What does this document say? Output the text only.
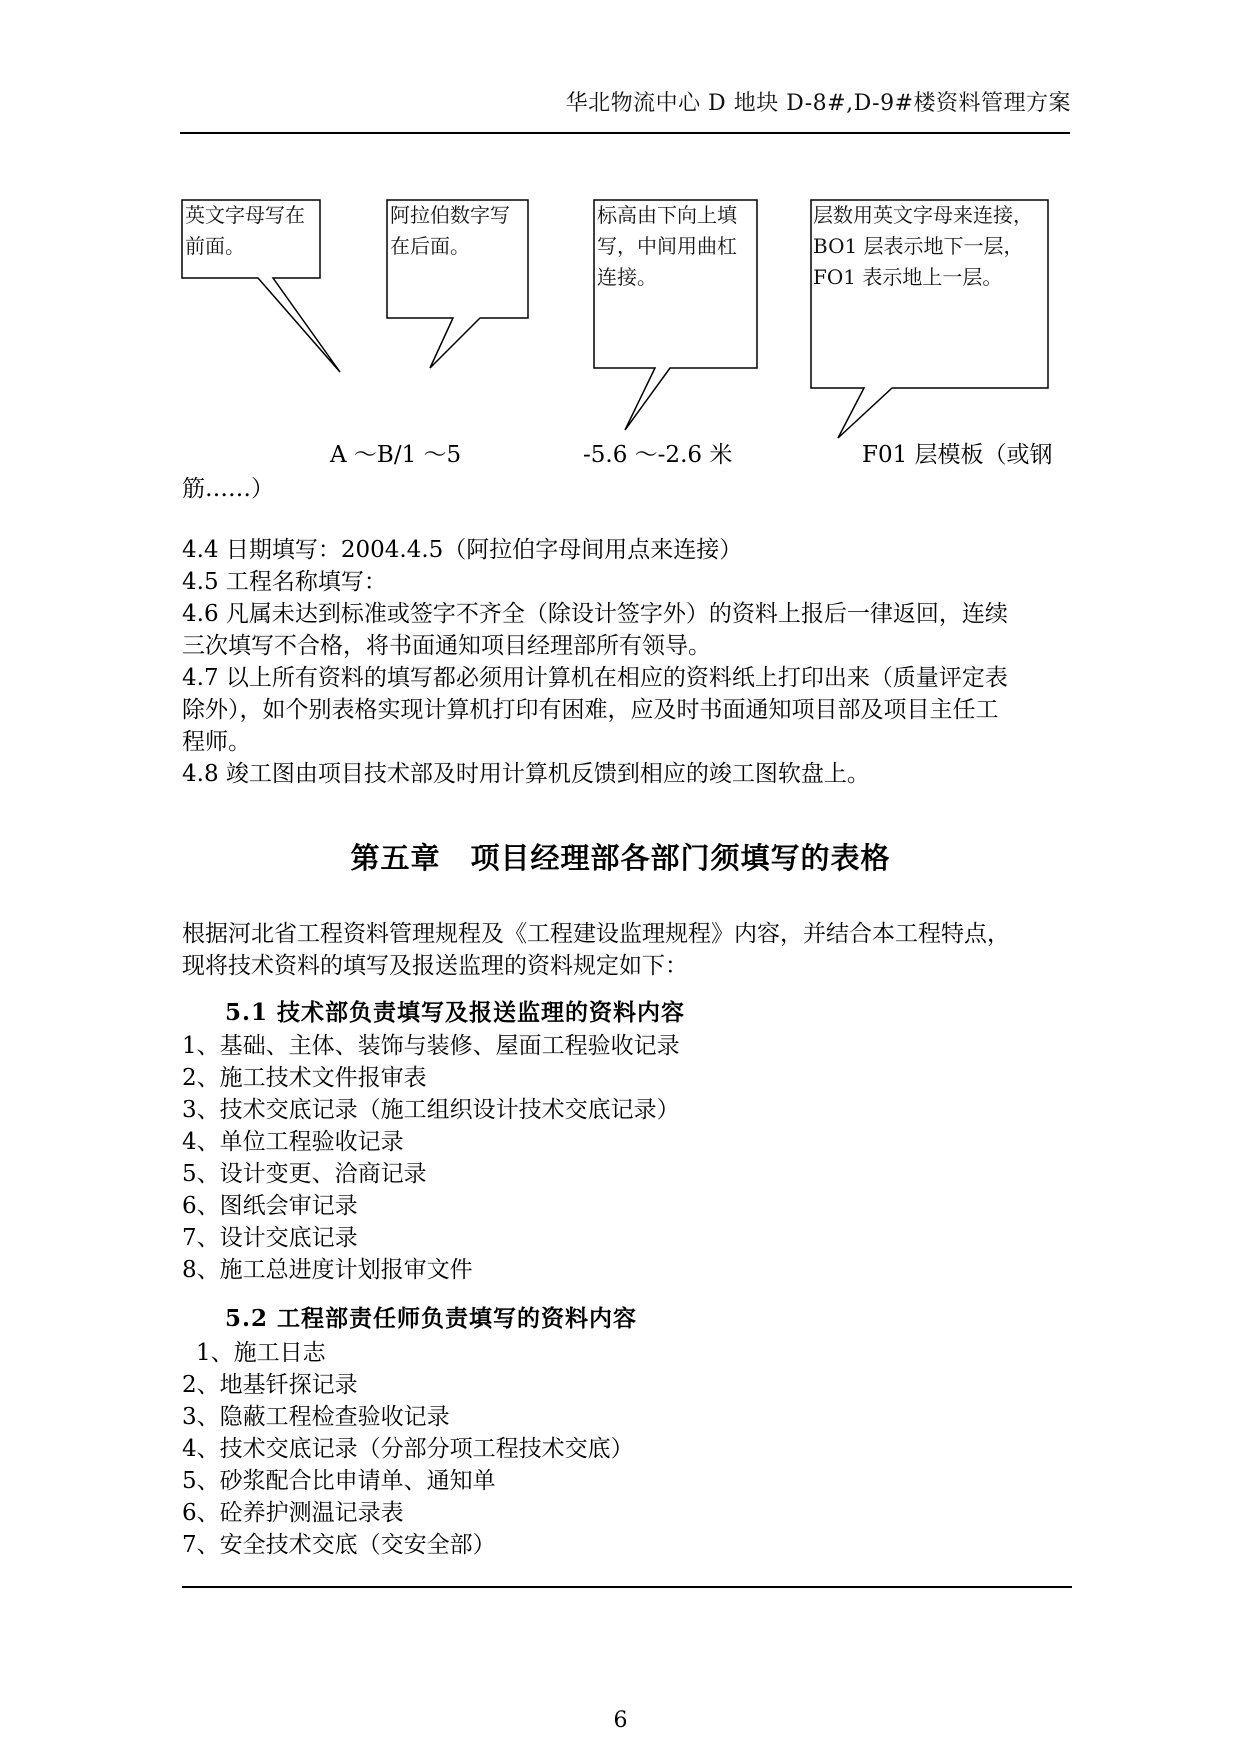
华北物流中心 D 地块 D-8#,D-9#楼资料管理方案
英文字母写在
前面。
阿拉伯数字写
在后面。
标高由下向上填
写，中间用曲杠
连接。
层数用英文字母来连接，
BO1 层表示地下一层，
FO1 表示地上一层。
A ～B/1 ～5	-5.6 ～-2.6 米	F01 层模板（或钢
筋……）
4.4 日期填写：2004.4.5（阿拉伯字母间用点来连接）
4.5 工程名称填写：
4.6 凡属未达到标准或签字不齐全（除设计签字外）的资料上报后一律返回，连续
三次填写不合格，将书面通知项目经理部所有领导。
4.7 以上所有资料的填写都必须用计算机在相应的资料纸上打印出来（质量评定表
除外），如个别表格实现计算机打印有困难，应及时书面通知项目部及项目主任工
程师。
4.8 竣工图由项目技术部及时用计算机反馈到相应的竣工图软盘上。
第五章　项目经理部各部门须填写的表格
根据河北省工程资料管理规程及《工程建设监理规程》内容，并结合本工程特点，
现将技术资料的填写及报送监理的资料规定如下：
5.1 技术部负责填写及报送监理的资料内容
1、基础、主体、装饰与装修、屋面工程验收记录
2、施工技术文件报审表
3、技术交底记录（施工组织设计技术交底记录）
4、单位工程验收记录
5、设计变更、洽商记录
6、图纸会审记录
7、设计交底记录
8、施工总进度计划报审文件
5.2 工程部责任师负责填写的资料内容
1、施工日志
2、地基钎探记录
3、隐蔽工程检查验收记录
4、技术交底记录（分部分项工程技术交底）
5、砂浆配合比申请单、通知单
6、砼养护测温记录表
7、安全技术交底（交安全部）
6
